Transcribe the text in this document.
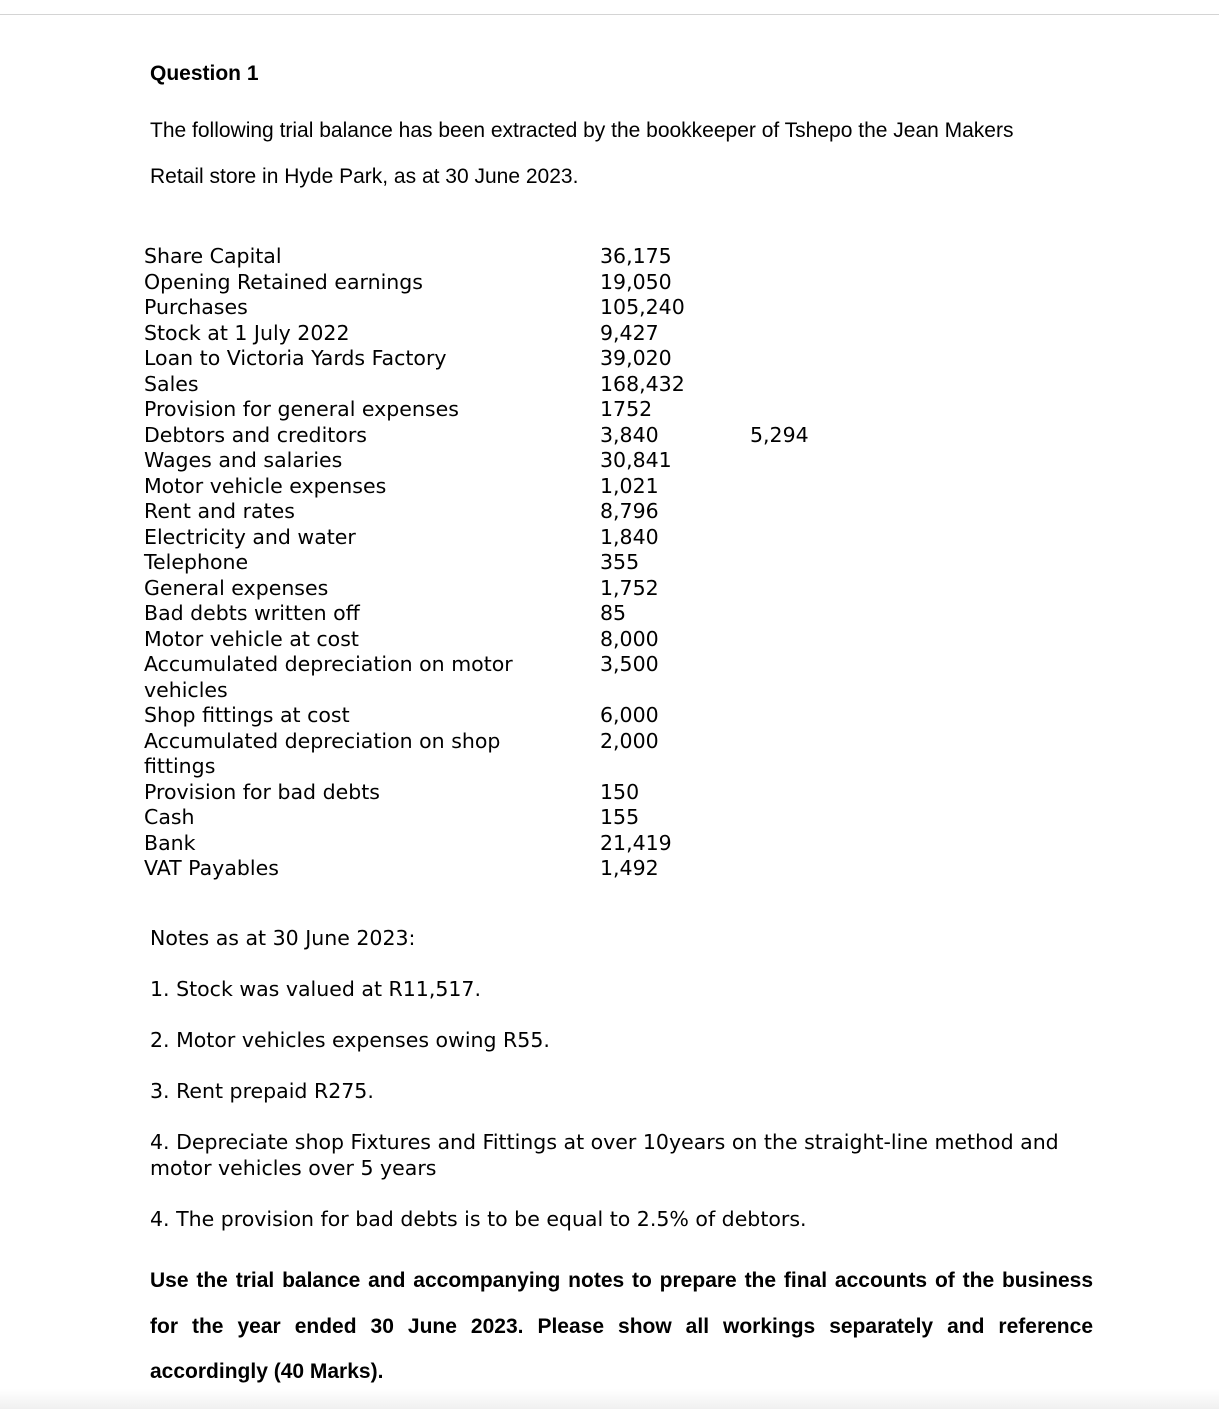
Question 1

The following trial balance has been extracted by the bookkeeper of Tshepo the Jean Makers

Retail store in Hyde Park, as at 30 June 2023.

Share Capital	36,175
Opening Retained earnings	19,050
Purchases	105,240
Stock at 1 July 2022	9,427
Loan to Victoria Yards Factory	39,020
Sales	168,432
Provision for general expenses	1752
Debtors and creditors	3,840	5,294
Wages and salaries	30,841
Motor vehicle expenses	1,021
Rent and rates	8,796
Electricity and water	1,840
Telephone	355
General expenses	1,752
Bad debts written off	85
Motor vehicle at cost	8,000
Accumulated depreciation on motor	3,500
vehicles
Shop fittings at cost	6,000
Accumulated depreciation on shop	2,000
fittings
Provision for bad debts	150
Cash	155
Bank	21,419
VAT Payables	1,492

Notes as at 30 June 2023:

1. Stock was valued at R11,517.

2. Motor vehicles expenses owing R55.

3. Rent prepaid R275.

4. Depreciate shop Fixtures and Fittings at over 10years on the straight-line method and

motor vehicles over 5 years

4. The provision for bad debts is to be equal to 2.5% of debtors.

Use the trial balance and accompanying notes to prepare the final accounts of the business

for the year ended 30 June 2023. Please show all workings separately and reference

accordingly (40 Marks).
